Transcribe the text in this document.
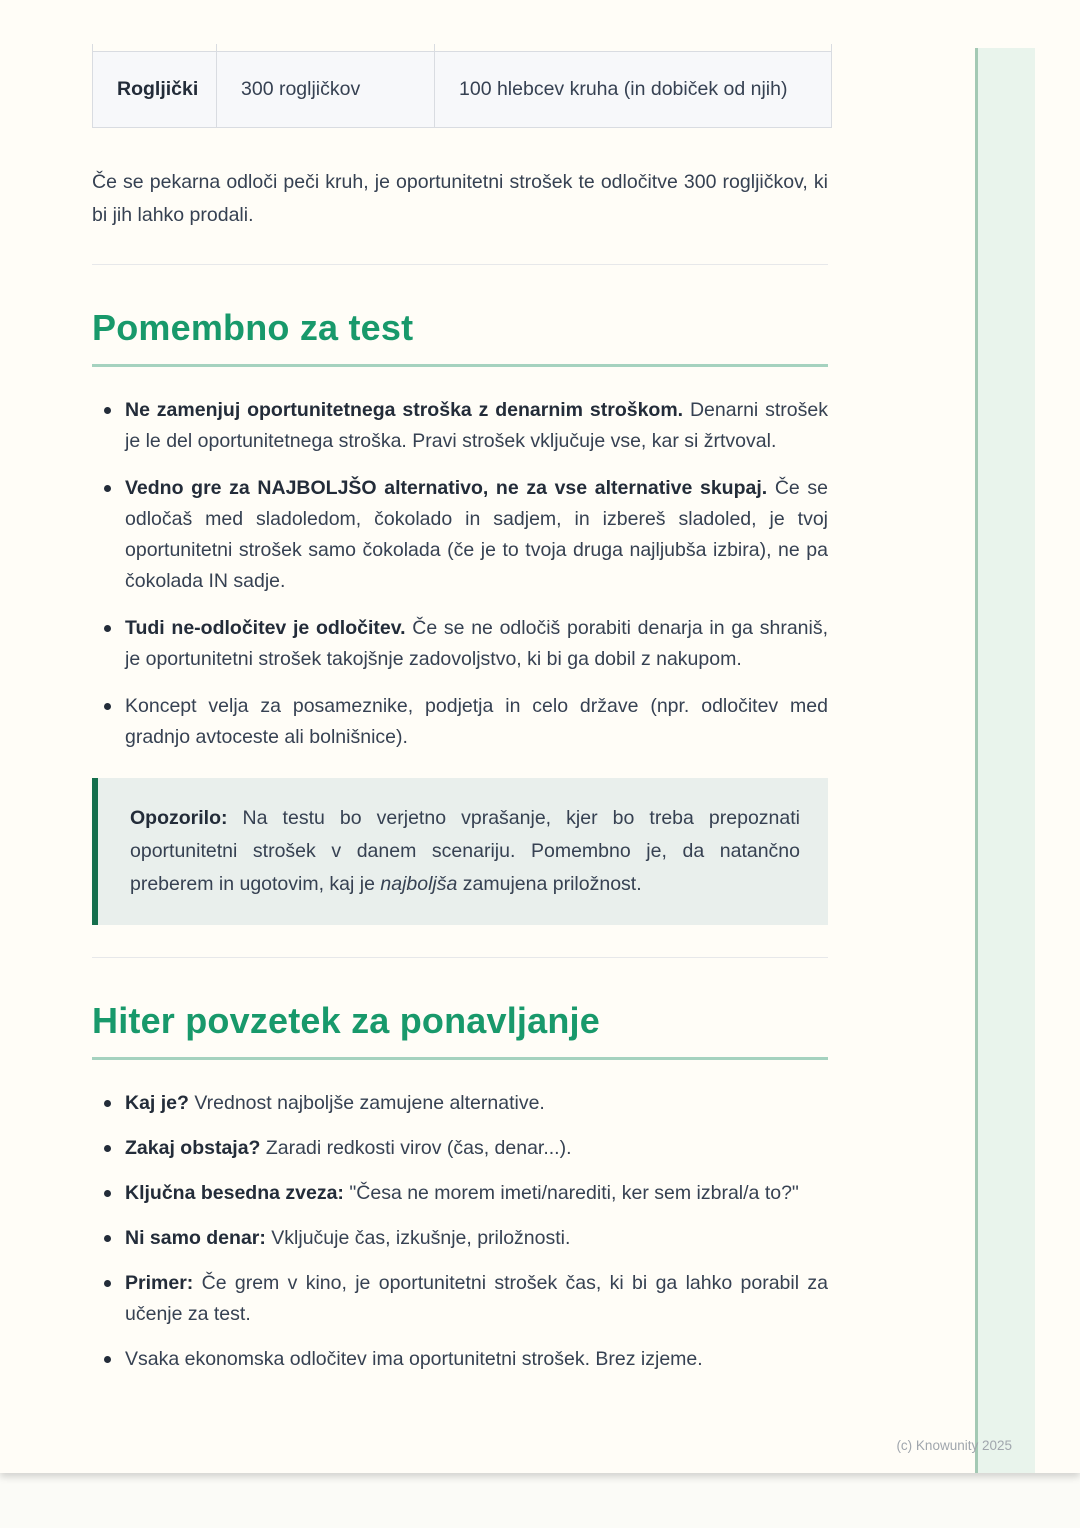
Rogljički	300 rogljičkov	100 hlebcev kruha (in dobiček od njih)

Če se pekarna odloči peči kruh, je oportunitetni strošek te odločitve 300 rogljičkov, ki bi jih lahko prodali.

Pomembno za test
Ne zamenjuj oportunitetnega stroška z denarnim stroškom. Denarni strošek je le del oportunitetnega stroška. Pravi strošek vključuje vse, kar si žrtvoval.
Vedno gre za NAJBOLJŠO alternativo, ne za vse alternative skupaj. Če se odločaš med sladoledom, čokolado in sadjem, in izbereš sladoled, je tvoj oportunitetni strošek samo čokolada (če je to tvoja druga najljubša izbira), ne pa čokolada IN sadje.
Tudi ne-odločitev je odločitev. Če se ne odločiš porabiti denarja in ga shraniš, je oportunitetni strošek takojšnje zadovoljstvo, ki bi ga dobil z nakupom.
Koncept velja za posameznike, podjetja in celo države (npr. odločitev med gradnjo avtoceste ali bolnišnice).

Opozorilo: Na testu bo verjetno vprašanje, kjer bo treba prepoznati oportunitetni strošek v danem scenariju. Pomembno je, da natančno preberem in ugotovim, kaj je najboljša zamujena priložnost.

Hiter povzetek za ponavljanje
Kaj je? Vrednost najboljše zamujene alternative.
Zakaj obstaja? Zaradi redkosti virov (čas, denar...).
Ključna besedna zveza: "Česa ne morem imeti/narediti, ker sem izbral/a to?"
Ni samo denar: Vključuje čas, izkušnje, priložnosti.
Primer: Če grem v kino, je oportunitetni strošek čas, ki bi ga lahko porabil za učenje za test.
Vsaka ekonomska odločitev ima oportunitetni strošek. Brez izjeme.
(c) Knowunity 2025
